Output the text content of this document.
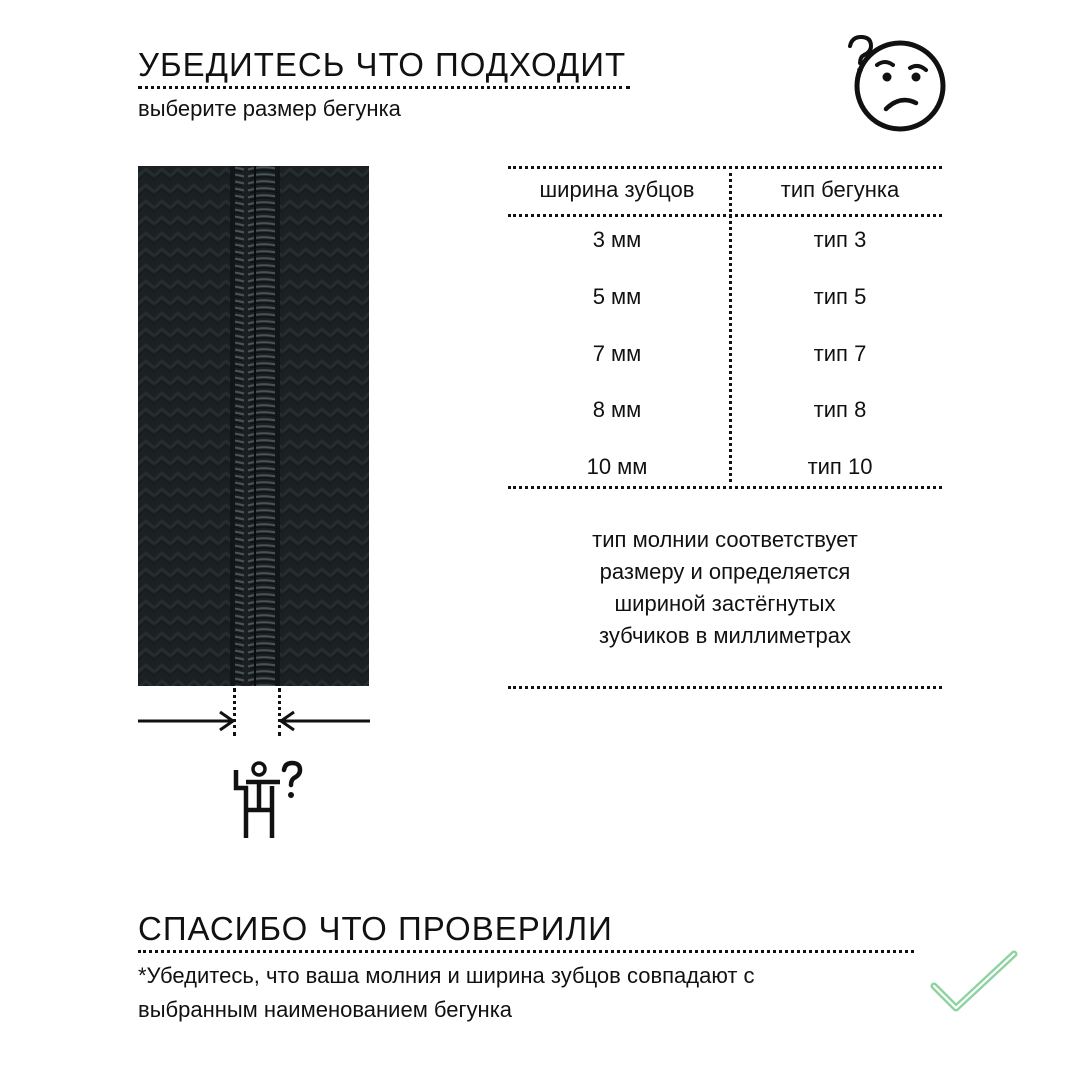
УБЕДИТЕСЬ ЧТО ПОДХОДИТ
выберите размер бегунка
ширина зубцов	тип бегунка
3 мм	тип 3
5 мм	тип 5
7 мм	тип 7
8 мм	тип 8
10 мм	тип 10
тип молнии соответствует
размеру и определяется
шириной застёгнутых
зубчиков в миллиметрах
СПАСИБО ЧТО ПРОВЕРИЛИ
*Убедитесь, что ваша молния и ширина зубцов совпадают с
выбранным наименованием бегунка
